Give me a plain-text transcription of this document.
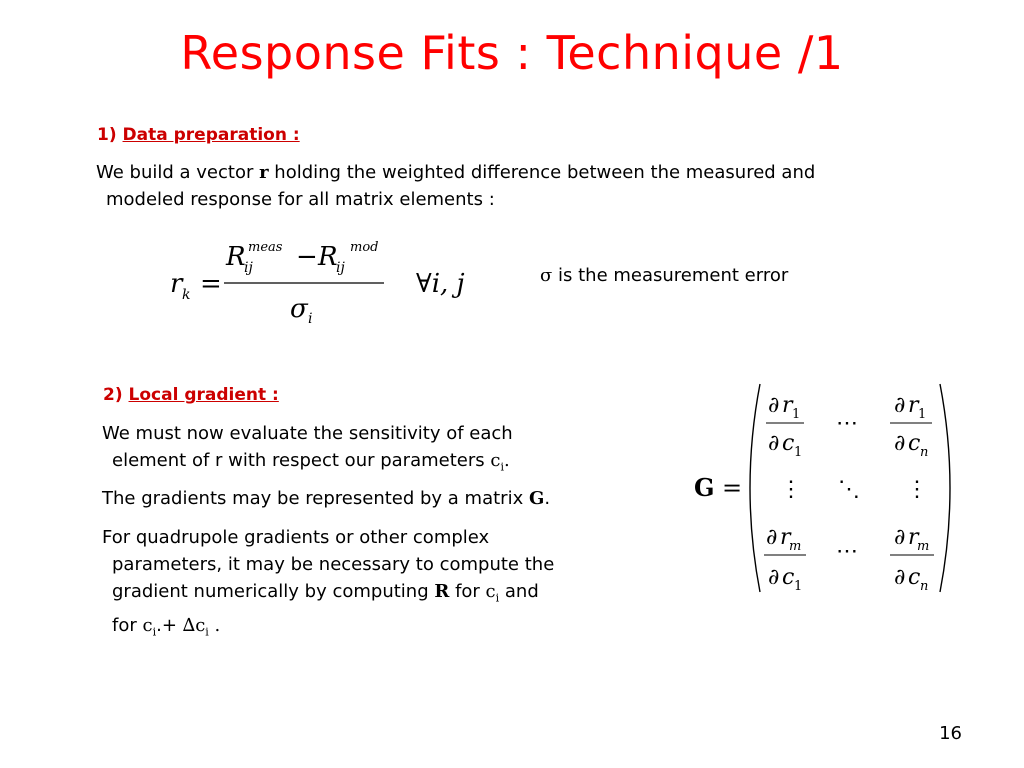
Response Fits : Technique /1
1) Data preparation :
We build a vector r holding the weighted difference between the measured and
modeled response for all matrix elements :
r k =
R meas
ij − R mod
ij
σ i
∀i, j	σ is the measurement error
2) Local gradient :
We must now evaluate the sensitivity of each
element of r with respect our parameters $c_i$.
The gradients may be represented by a matrix G.
For quadrupole gradients or other complex
parameters, it may be necessary to compute the
gradient numerically by computing R for $c_i$ and
for $c_i.+ \Delta c_i$ .
G =
∂ r 1
∂ c 1
⋯
∂ r 1
∂ c n
⋮ ⋱ ⋮
∂ r
m
∂ c 1
⋯
∂ r
m
∂ c n
16
